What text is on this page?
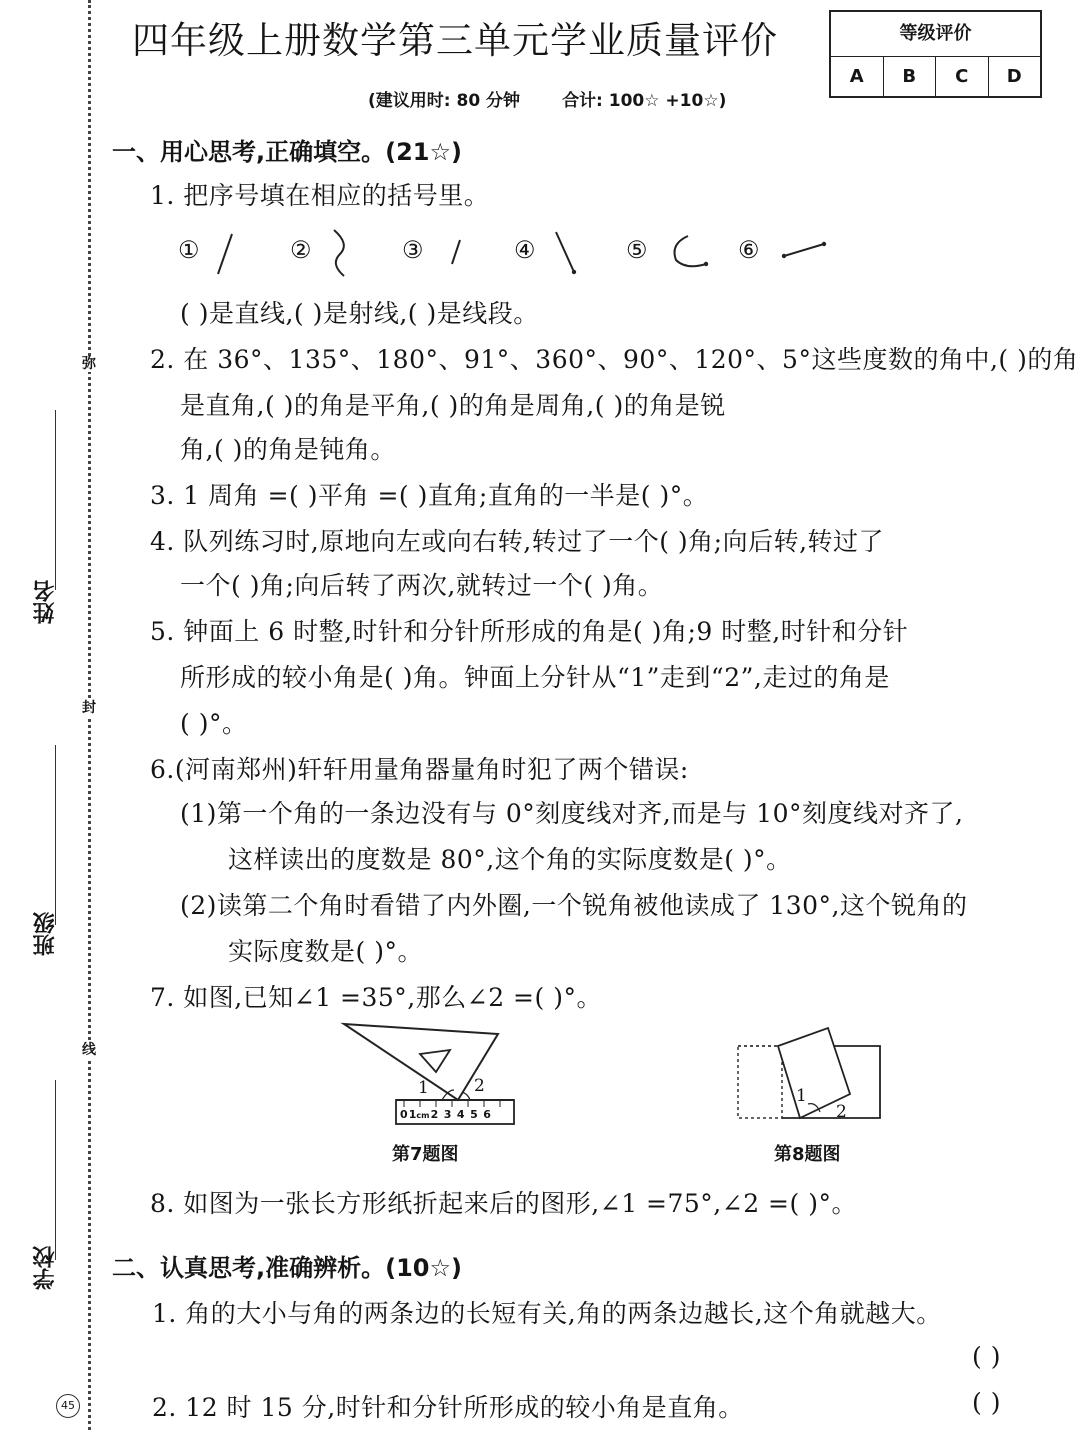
弥
封
线
姓名
班级
学校
45
四年级上册数学第三单元学业质量评价
(建议用时: 80 分钟 合计: 100☆ +10☆)
等级评价
A	B	C	D
一、用心思考,正确填空。(21☆)
1. 把序号填在相应的括号里。
①	②	③	④	⑤	⑥
( )是直线,( )是射线,( )是线段。
2. 在 36°、135°、180°、91°、360°、90°、120°、5°这些度数的角中,( )的角
是直角,( )的角是平角,( )的角是周角,( )的角是锐
角,( )的角是钝角。
3. 1 周角 =( )平角 =( )直角;直角的一半是( )°。
4. 队列练习时,原地向左或向右转,转过了一个( )角;向后转,转过了
一个( )角;向后转了两次,就转过一个( )角。
5. 钟面上 6 时整,时针和分针所形成的角是( )角;9 时整,时针和分针
所形成的较小角是( )角。钟面上分针从“1”走到“2”,走过的角是
( )°。
6.(河南郑州)轩轩用量角器量角时犯了两个错误:
(1)第一个角的一条边没有与 0°刻度线对齐,而是与 10°刻度线对齐了,
这样读出的度数是 80°,这个角的实际度数是( )°。
(2)读第二个角时看错了内外圈,一个锐角被他读成了 130°,这个锐角的
实际度数是( )°。
7. 如图,已知∠1 =35°,那么∠2 =( )°。
1	2
0 1cm 2  3  4  5  6
第7题图
1
2
第8题图
8. 如图为一张长方形纸折起来后的图形,∠1 =75°,∠2 =( )°。
二、认真思考,准确辨析。(10☆)
1. 角的大小与角的两条边的长短有关,角的两条边越长,这个角就越大。
( )
2. 12 时 15 分,时针和分针所形成的较小角是直角。	( )
